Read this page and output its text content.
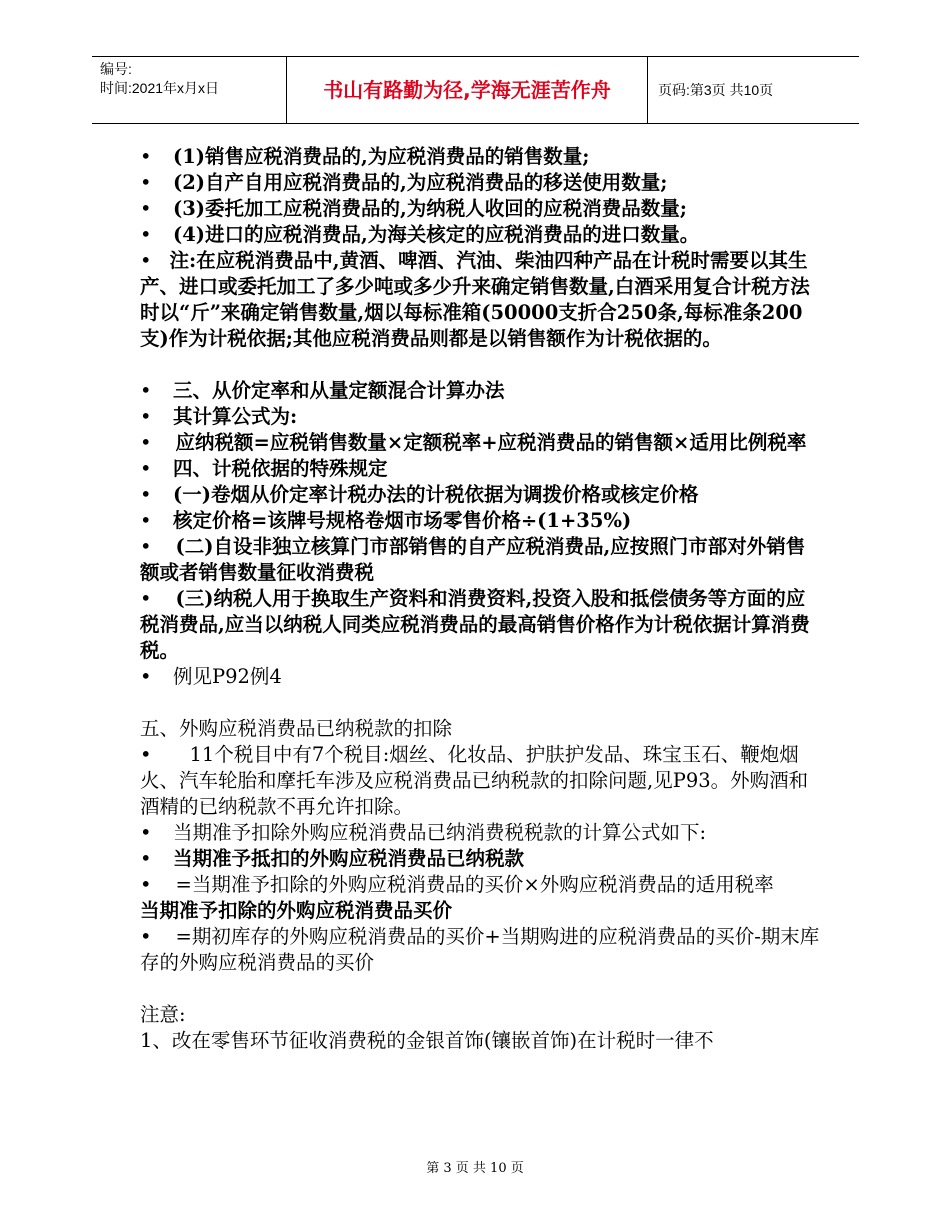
编号:
时间:2021年x月x日	书山有路勤为径,学海无涯苦作舟	页码:第3页 共10页
• (1)销售应税消费品的,为应税消费品的销售数量;
• (2)自产自用应税消费品的,为应税消费品的移送使用数量;
• (3)委托加工应税消费品的,为纳税人收回的应税消费品数量;
• (4)进口的应税消费品,为海关核定的应税消费品的进口数量。
• 注:在应税消费品中,黄酒、啤酒、汽油、柴油四种产品在计税时需要以其生产、进口或委托加工了多少吨或多少升来确定销售数量,白酒采用复合计税方法时以“斤”来确定销售数量,烟以每标准箱(50000支折合250条,每标准条200支)作为计税依据;其他应税消费品则都是以销售额作为计税依据的。
• 三、从价定率和从量定额混合计算办法
• 其计算公式为:
• 应纳税额=应税销售数量×定额税率+应税消费品的销售额×适用比例税率
• 四、计税依据的特殊规定
• (一)卷烟从价定率计税办法的计税依据为调拨价格或核定价格
• 核定价格=该牌号规格卷烟市场零售价格÷(1+35%)
• (二)自设非独立核算门市部销售的自产应税消费品,应按照门市部对外销售额或者销售数量征收消费税
• (三)纳税人用于换取生产资料和消费资料,投资入股和抵偿债务等方面的应税消费品,应当以纳税人同类应税消费品的最高销售价格作为计税依据计算消费税。
• 例见P92例4
五、外购应税消费品已纳税款的扣除
• 11个税目中有7个税目:烟丝、化妆品、护肤护发品、珠宝玉石、鞭炮烟火、汽车轮胎和摩托车涉及应税消费品已纳税款的扣除问题,见P93。外购酒和酒精的已纳税款不再允许扣除。
• 当期准予扣除外购应税消费品已纳消费税税款的计算公式如下:
• 当期准予抵扣的外购应税消费品已纳税款
• =当期准予扣除的外购应税消费品的买价×外购应税消费品的适用税率
当期准予扣除的外购应税消费品买价
• =期初库存的外购应税消费品的买价+当期购进的应税消费品的买价-期末库存的外购应税消费品的买价
注意:
1、改在零售环节征收消费税的金银首饰(镶嵌首饰)在计税时一律不
第 3 页 共 10 页
